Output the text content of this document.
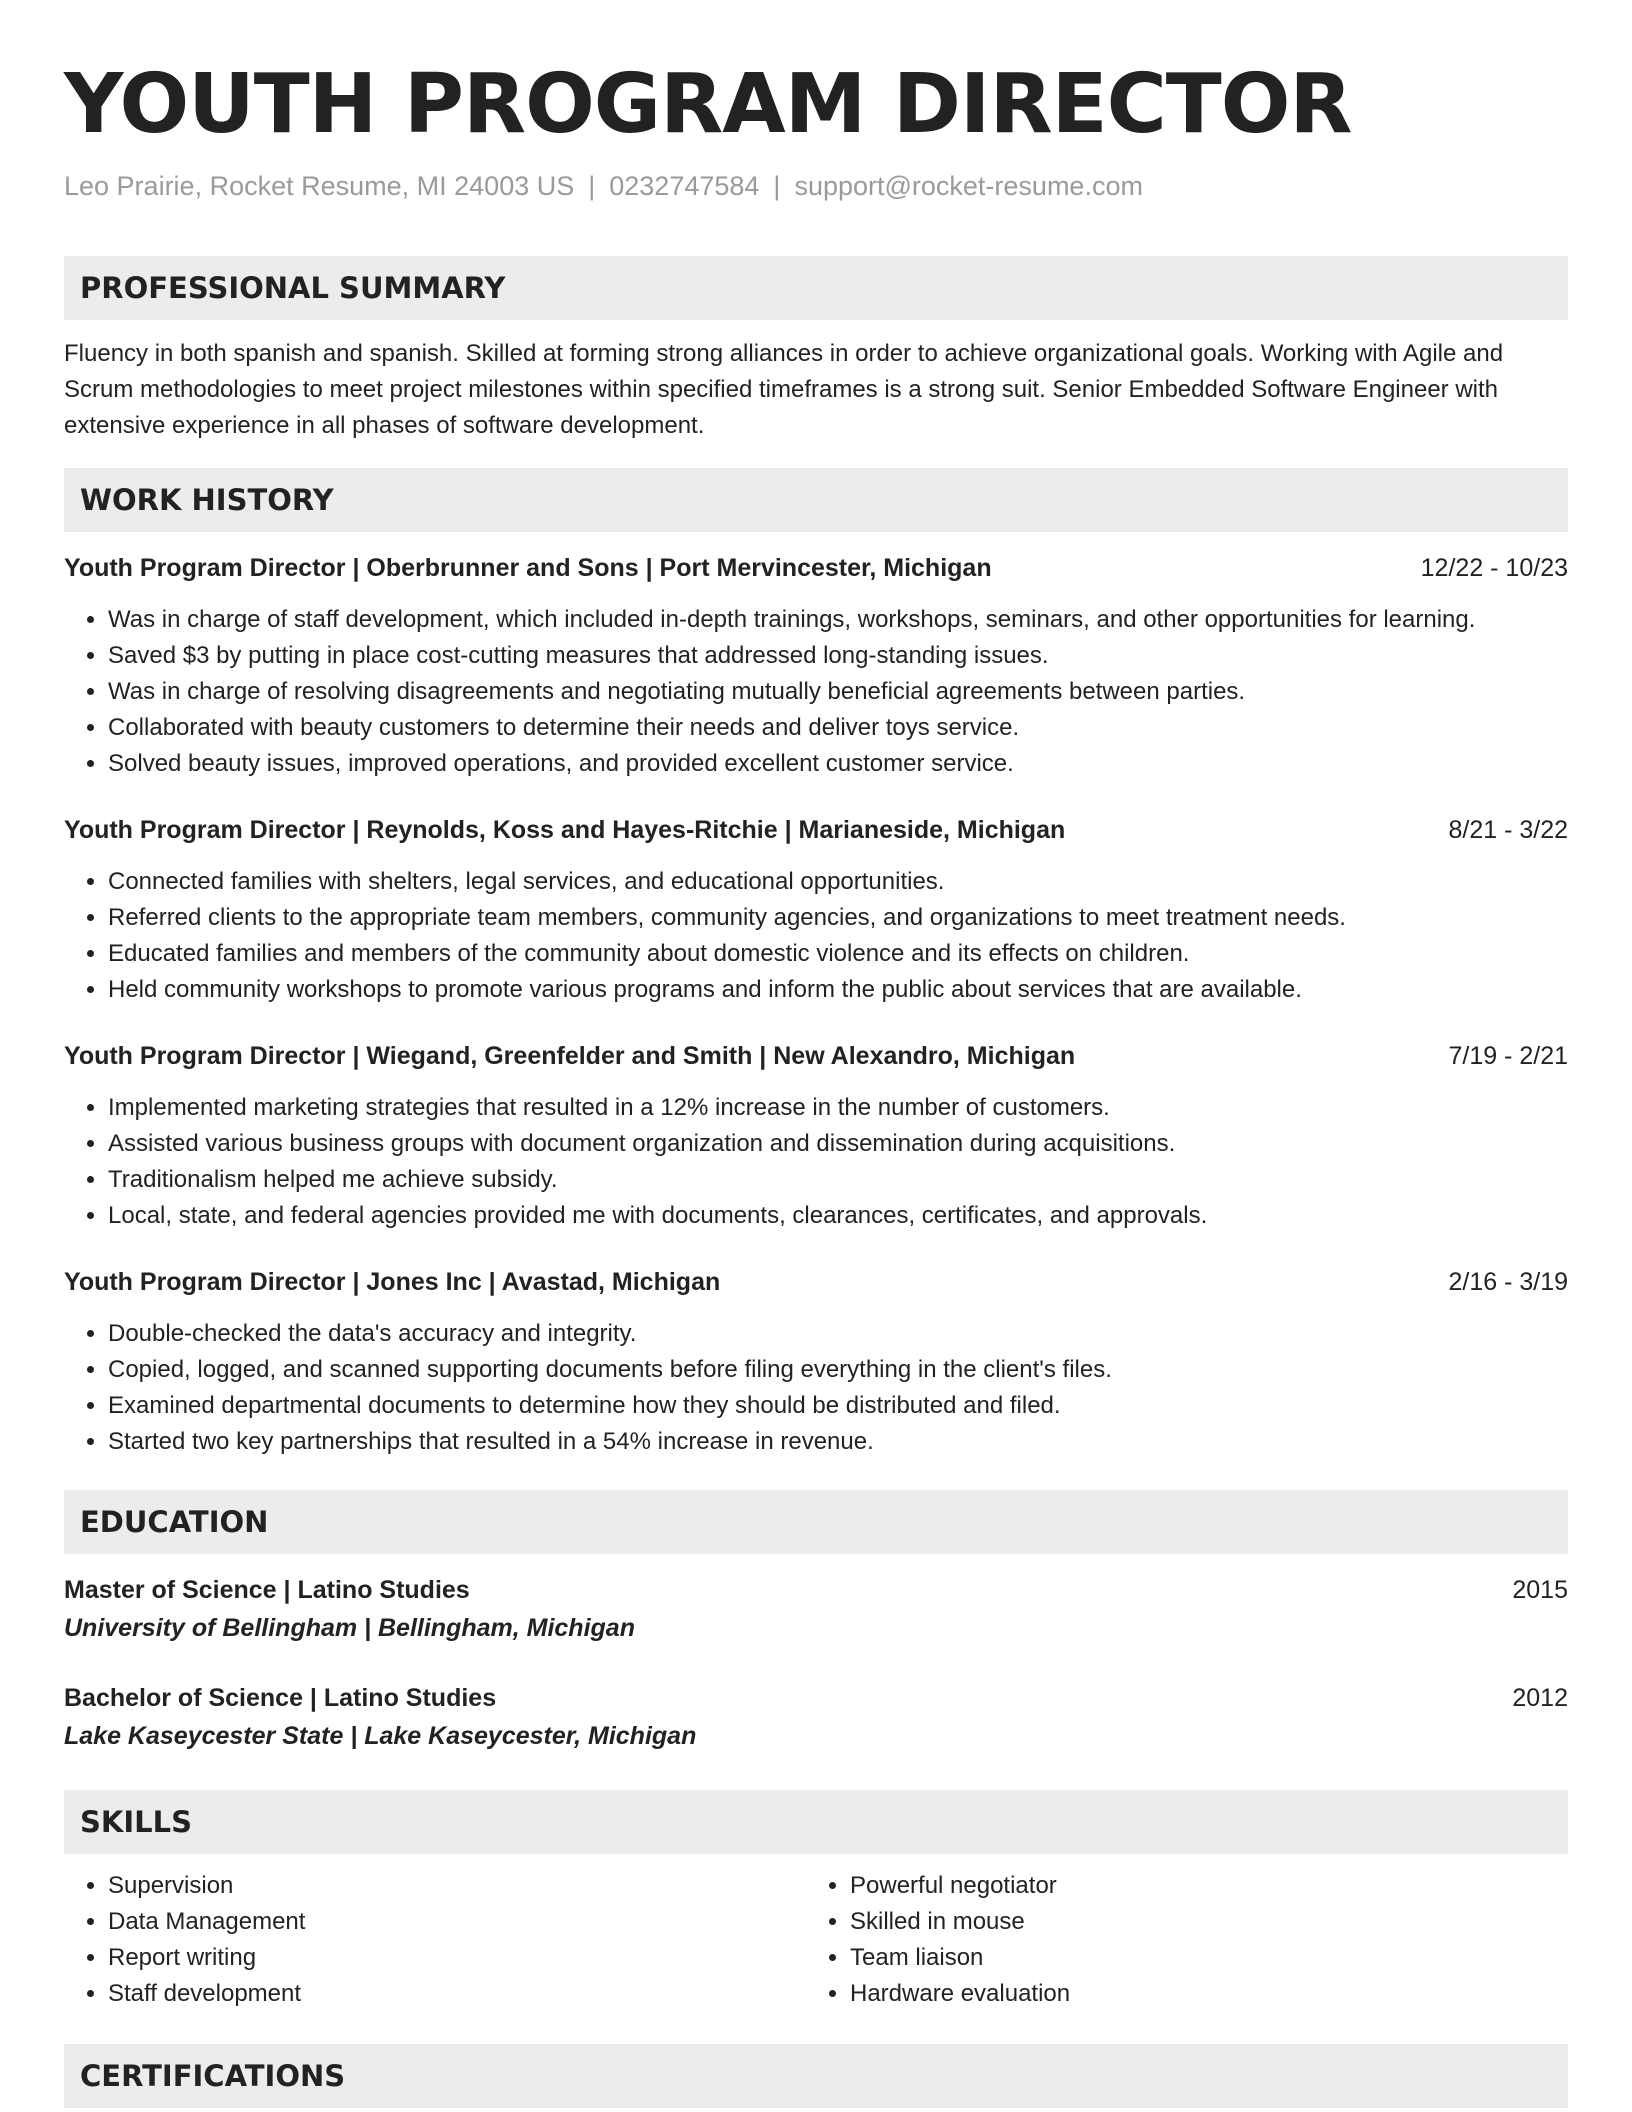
YOUTH PROGRAM DIRECTOR
Leo Prairie, Rocket Resume, MI 24003 US | 0232747584 | support@rocket-resume.com
PROFESSIONAL SUMMARY

Fluency in both spanish and spanish. Skilled at forming strong alliances in order to achieve organizational goals. Working with Agile and Scrum methodologies to meet project milestones within specified timeframes is a strong suit. Senior Embedded Software Engineer with extensive experience in all phases of software development.

WORK HISTORY
Youth Program Director | Oberbrunner and Sons | Port Mervincester, Michigan	12/22 - 10/23
• Was in charge of staff development, which included in-depth trainings, workshops, seminars, and other opportunities for learning.
• Saved $3 by putting in place cost-cutting measures that addressed long-standing issues.
• Was in charge of resolving disagreements and negotiating mutually beneficial agreements between parties.
• Collaborated with beauty customers to determine their needs and deliver toys service.
• Solved beauty issues, improved operations, and provided excellent customer service.
Youth Program Director | Reynolds, Koss and Hayes-Ritchie | Marianeside, Michigan	8/21 - 3/22
• Connected families with shelters, legal services, and educational opportunities.
• Referred clients to the appropriate team members, community agencies, and organizations to meet treatment needs.
• Educated families and members of the community about domestic violence and its effects on children.
• Held community workshops to promote various programs and inform the public about services that are available.
Youth Program Director | Wiegand, Greenfelder and Smith | New Alexandro, Michigan	7/19 - 2/21
• Implemented marketing strategies that resulted in a 12% increase in the number of customers.
• Assisted various business groups with document organization and dissemination during acquisitions.
• Traditionalism helped me achieve subsidy.
• Local, state, and federal agencies provided me with documents, clearances, certificates, and approvals.
Youth Program Director | Jones Inc | Avastad, Michigan	2/16 - 3/19
• Double-checked the data's accuracy and integrity.
• Copied, logged, and scanned supporting documents before filing everything in the client's files.
• Examined departmental documents to determine how they should be distributed and filed.
• Started two key partnerships that resulted in a 54% increase in revenue.
EDUCATION
Master of Science | Latino Studies	2015
University of Bellingham | Bellingham, Michigan
Bachelor of Science | Latino Studies	2012
Lake Kaseycester State | Lake Kaseycester, Michigan
SKILLS
• Supervision
• Data Management
• Report writing
• Staff development
• Powerful negotiator
• Skilled in mouse
• Team liaison
• Hardware evaluation
CERTIFICATIONS
